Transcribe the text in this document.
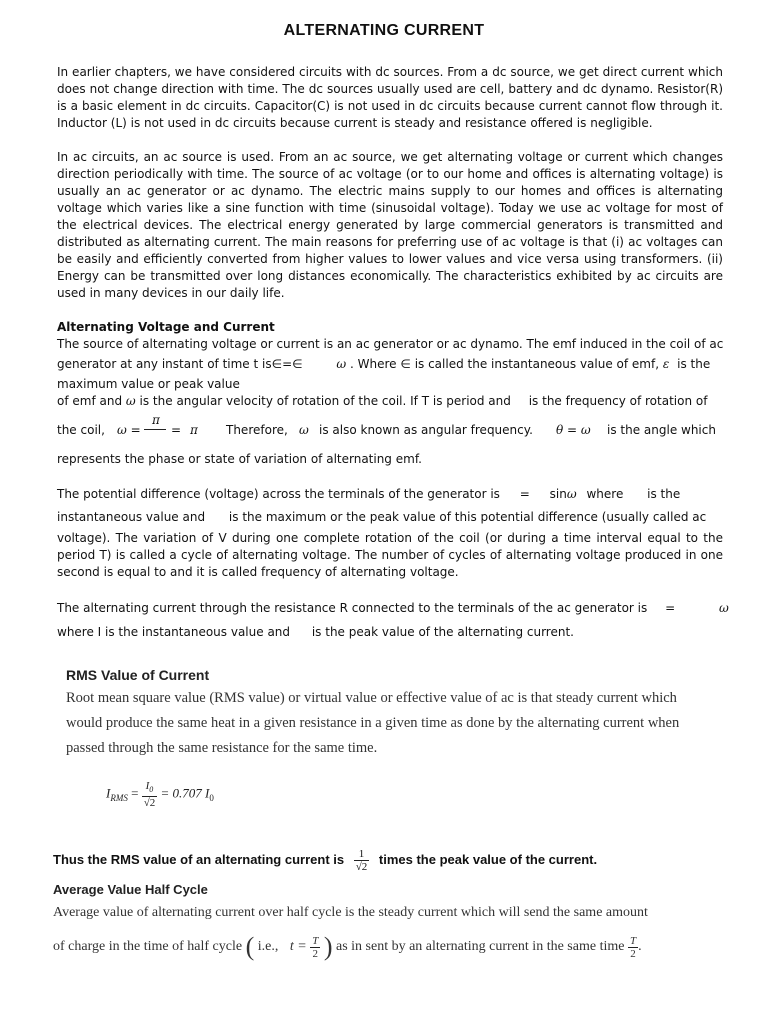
ALTERNATING CURRENT
In earlier chapters, we have considered circuits with dc sources. From a dc source, we get direct current which does not change direction with time. The dc sources usually used are cell, battery and dc dynamo. Resistor(R) is a basic element in dc circuits. Capacitor(C) is not used in dc circuits because current cannot flow through it. Inductor (L) is not used in dc circuits because current is steady and resistance offered is negligible.
In ac circuits, an ac source is used. From an ac source, we get alternating voltage or current which changes direction periodically with time. The source of ac voltage (or to our home and offices is alternating voltage) is usually an ac generator or ac dynamo. The electric mains supply to our homes and offices is alternating voltage which varies like a sine function with time (sinusoidal voltage). Today we use ac voltage for most of the electrical devices. The electrical energy generated by large commercial generators is transmitted and distributed as alternating current. The main reasons for preferring use of ac voltage is that (i) ac voltages can be easily and efficiently converted from higher values to lower values and vice versa using transformers. (ii) Energy can be transmitted over long distances economically. The characteristics exhibited by ac circuits are used in many devices in our daily life.
Alternating Voltage and Current
The source of alternating voltage or current is an ac generator or ac dynamo. The emf induced in the coil of ac
generator at any instant of time t is∈=∈	ω . Where ∈ is called the instantaneous value of emf, ε is the
maximum value or peak value
of emf and ω is the angular velocity of rotation of the coil. If T is period and is the frequency of rotation of
the coil, ω =
π
= π Therefore, ω is also known as angular frequency. θ = ω is the angle which
represents the phase or state of variation of alternating emf.
The potential difference (voltage) across the terminals of the generator is = sinω where is the
instantaneous value and is the maximum or the peak value of this potential difference (usually called ac
voltage). The variation of V during one complete rotation of the coil (or during a time interval equal to the period T) is called a cycle of alternating voltage. The number of cycles of alternating voltage produced in one second is equal to and it is called frequency of alternating voltage.
The alternating current through the resistance R connected to the terminals of the ac generator is =	ω
where I is the instantaneous value and is the peak value of the alternating current.
RMS Value of Current
Root mean square value (RMS value) or virtual value or effective value of ac is that steady current which would produce the same heat in a given resistance in a given time as done by the alternating current when passed through the same resistance for the same time.
$I_{RMS} = \frac{I_0}{√2} = 0.707$ $I_0$
Thus the RMS value of an alternating current is $\frac{1}{√2}$ times the peak value of the current.
Average Value Half Cycle
Average value of alternating current over half cycle is the steady current which will send the same amount
of charge in the time of half cycle ( i.e., $t = \frac{T}{2}$ ) as in sent by an alternating current in the same time $\frac{T}{2}$ .
